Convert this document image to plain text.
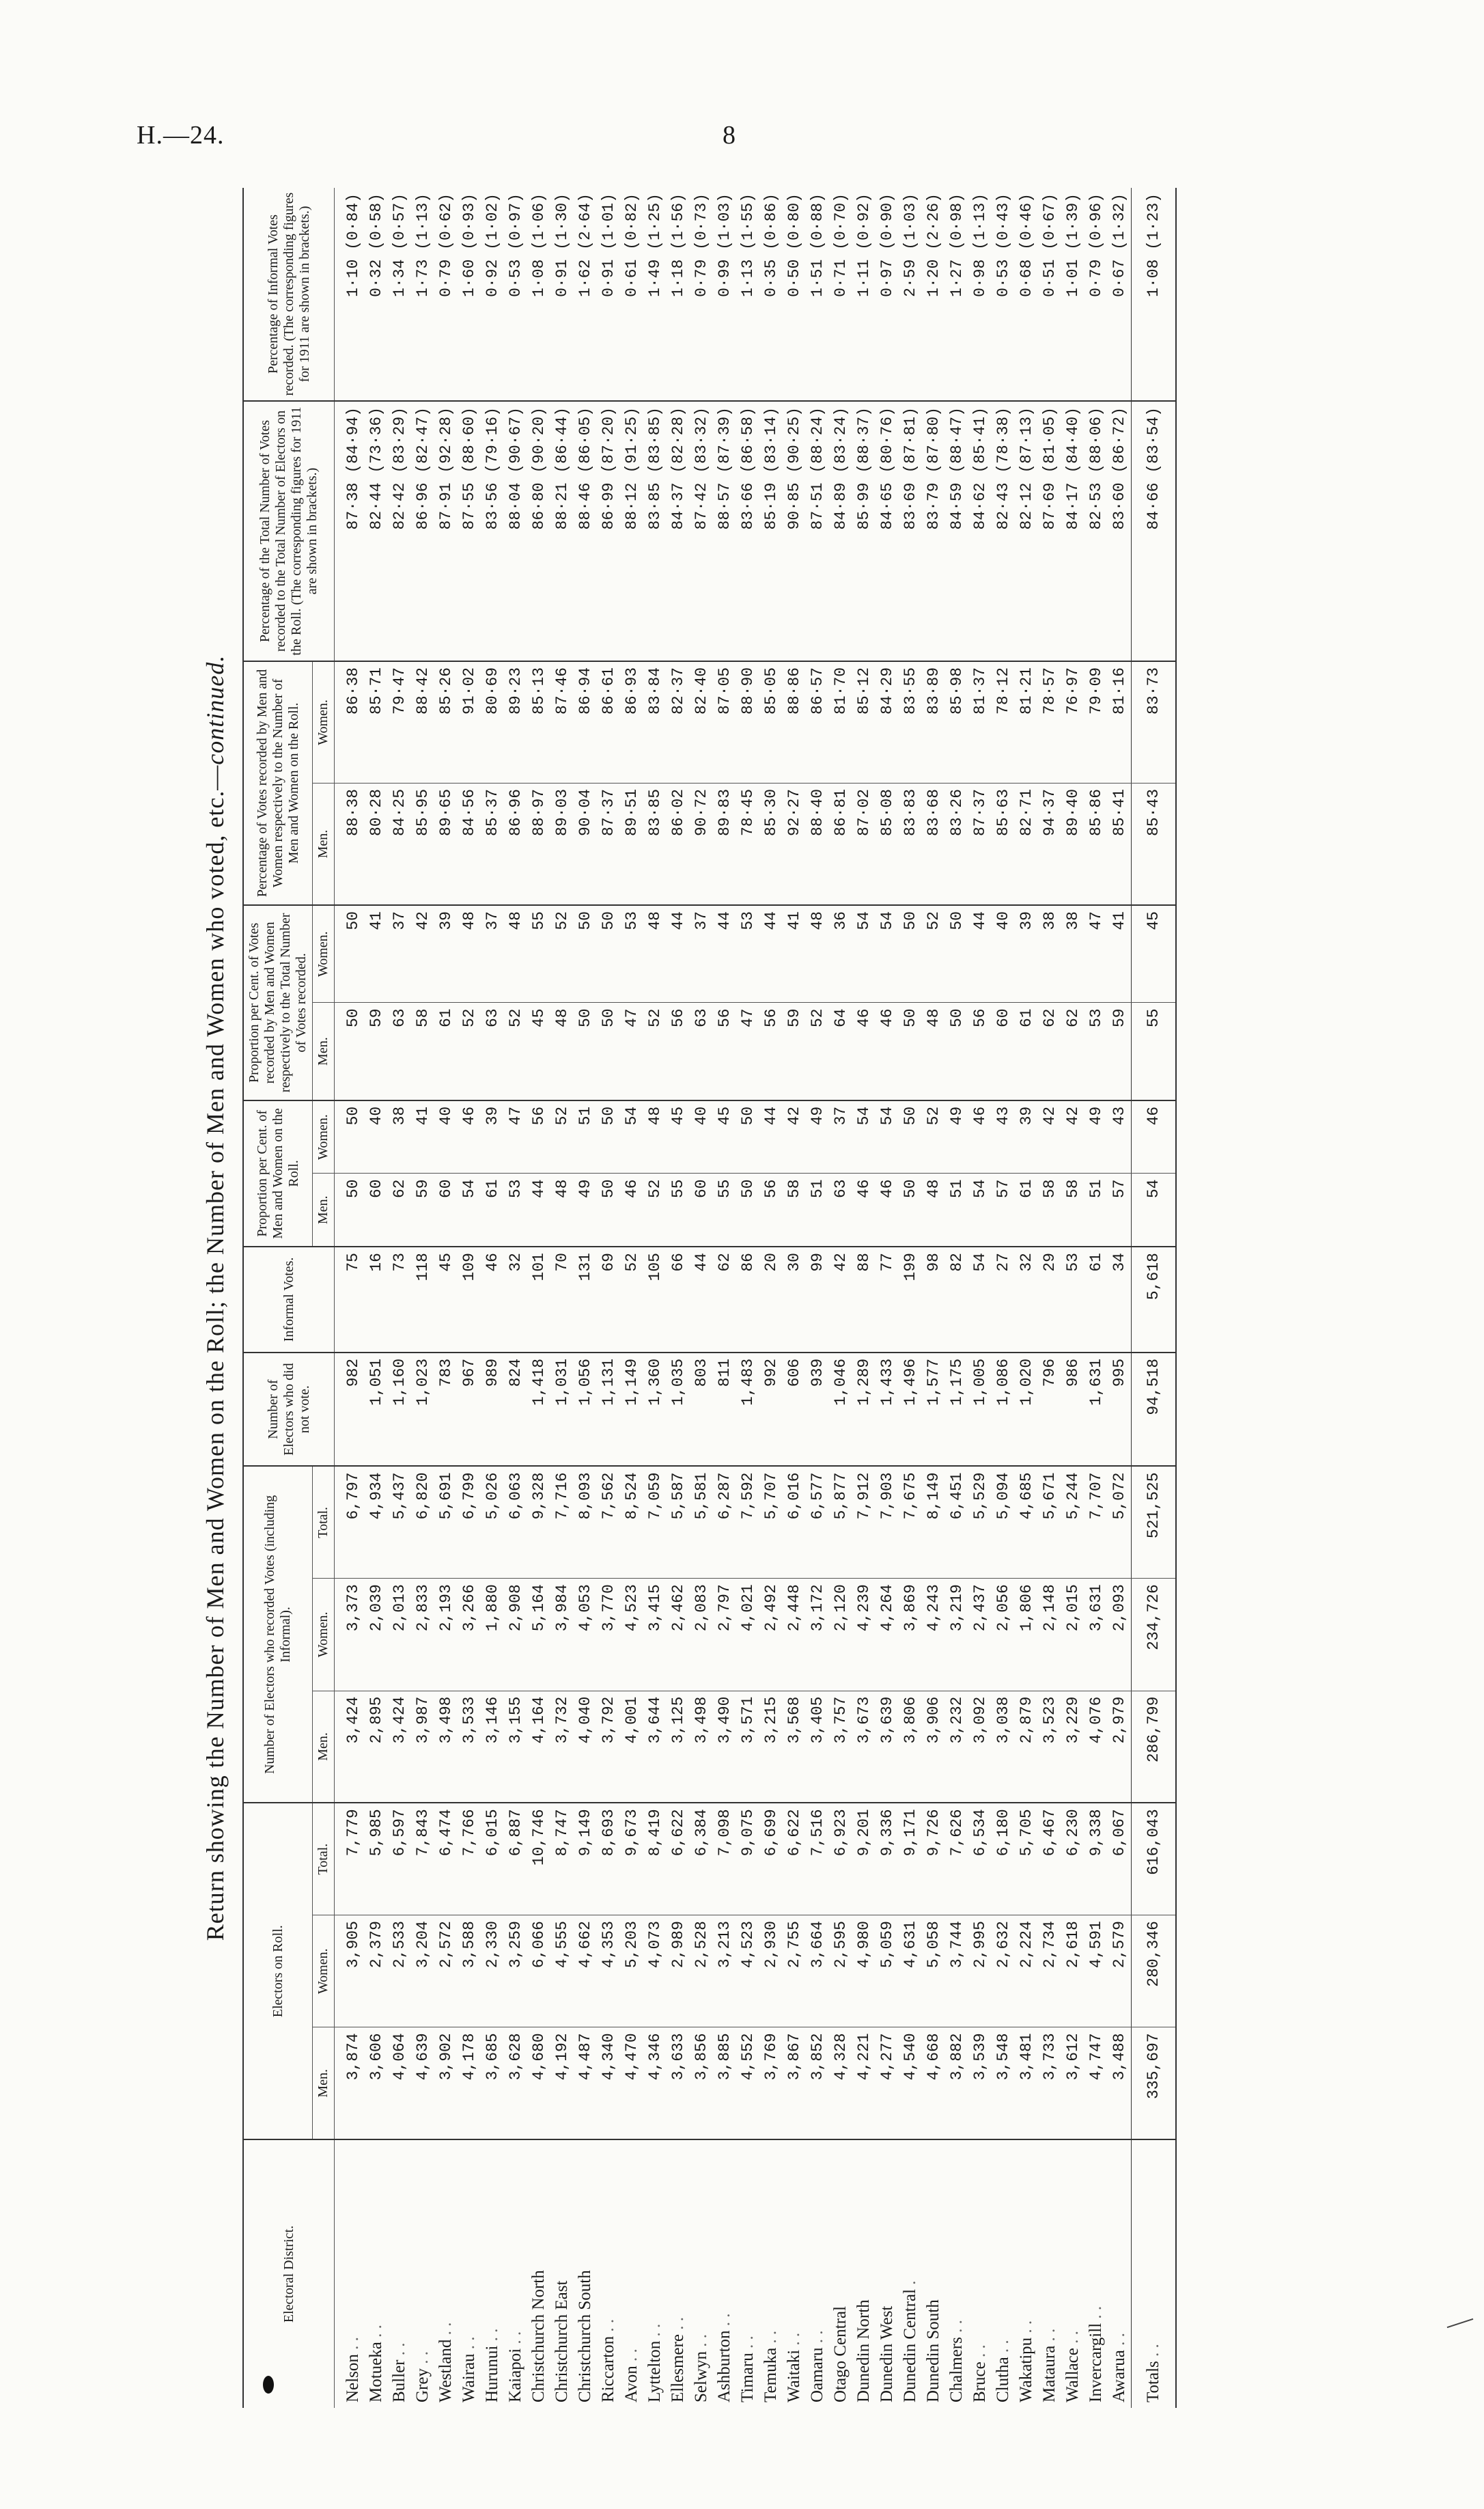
H.—24.	8
Return showing the Number of Men and Women on the Roll; the Number of Men and Women who voted, etc.—continued.
Electoral District.	Electors on Roll.			Number of Electors who recorded Votes (including Informal).			Number of Electors who did not vote.	Informal Votes.	Proportion per Cent. of Men and Women on the Roll.		Proportion per Cent. of Votes recorded by Men and Women respectively to the Total Number of Votes recorded.		Percentage of Votes recorded by Men and Women respectively to the Number of Men and Women on the Roll.		Percentage of the Total Number of Votes recorded to the Total Number of Electors on the Roll. (The corresponding figures for 1911 are shown in brackets.)	Percentage of Informal Votes recorded. (The corresponding figures for 1911 are shown in brackets.)
	Men.	Women.	Total.	Men.	Women.	Total.			Men.	Women.	Men.	Women.	Men.	Women.		
Nelson . .	3,874	3,905	7,779	3,424	3,373	6,797	982	75	50	50	50	50	88·38	86·38	87·38 (84·94)	1·10 (0·84)
Motueka . .	3,606	2,379	5,985	2,895	2,039	4,934	1,051	16	60	40	59	41	80·28	85·71	82·44 (73·36)	0·32 (0·58)
Buller . .	4,064	2,533	6,597	3,424	2,013	5,437	1,160	73	62	38	63	37	84·25	79·47	82·42 (83·29)	1·34 (0·57)
Grey . .	4,639	3,204	7,843	3,987	2,833	6,820	1,023	118	59	41	58	42	85·95	88·42	86·96 (82·47)	1·73 (1·13)
Westland . .	3,902	2,572	6,474	3,498	2,193	5,691	783	45	60	40	61	39	89·65	85·26	87·91 (92·28)	0·79 (0·62)
Wairau . .	4,178	3,588	7,766	3,533	3,266	6,799	967	109	54	46	52	48	84·56	91·02	87·55 (88·60)	1·60 (0·93)
Hurunui . .	3,685	2,330	6,015	3,146	1,880	5,026	989	46	61	39	63	37	85·37	80·69	83·56 (79·16)	0·92 (1·02)
Kaiapoi . .	3,628	3,259	6,887	3,155	2,908	6,063	824	32	53	47	52	48	86·96	89·23	88·04 (90·67)	0·53 (0·97)
Christchurch North	4,680	6,066	10,746	4,164	5,164	9,328	1,418	101	44	56	45	55	88·97	85·13	86·80 (90·20)	1·08 (1·06)
Christchurch East	4,192	4,555	8,747	3,732	3,984	7,716	1,031	70	48	52	48	52	89·03	87·46	88·21 (86·44)	0·91 (1·30)
Christchurch South	4,487	4,662	9,149	4,040	4,053	8,093	1,056	131	49	51	50	50	90·04	86·94	88·46 (86·05)	1·62 (2·64)
Riccarton . .	4,340	4,353	8,693	3,792	3,770	7,562	1,131	69	50	50	50	50	87·37	86·61	86·99 (87·20)	0·91 (1·01)
Avon . .	4,470	5,203	9,673	4,001	4,523	8,524	1,149	52	46	54	47	53	89·51	86·93	88·12 (91·25)	0·61 (0·82)
Lyttelton . .	4,346	4,073	8,419	3,644	3,415	7,059	1,360	105	52	48	52	48	83·85	83·84	83·85 (83·85)	1·49 (1·25)
Ellesmere . .	3,633	2,989	6,622	3,125	2,462	5,587	1,035	66	55	45	56	44	86·02	82·37	84·37 (82·28)	1·18 (1·56)
Selwyn . .	3,856	2,528	6,384	3,498	2,083	5,581	803	44	60	40	63	37	90·72	82·40	87·42 (83·32)	0·79 (0·73)
Ashburton . .	3,885	3,213	7,098	3,490	2,797	6,287	811	62	55	45	56	44	89·83	87·05	88·57 (87·39)	0·99 (1·03)
Timaru . .	4,552	4,523	9,075	3,571	4,021	7,592	1,483	86	50	50	47	53	78·45	88·90	83·66 (86·58)	1·13 (1·55)
Temuka . .	3,769	2,930	6,699	3,215	2,492	5,707	992	20	56	44	56	44	85·30	85·05	85·19 (83·14)	0·35 (0·86)
Waitaki . .	3,867	2,755	6,622	3,568	2,448	6,016	606	30	58	42	59	41	92·27	88·86	90·85 (90·25)	0·50 (0·80)
Oamaru . .	3,852	3,664	7,516	3,405	3,172	6,577	939	99	51	49	52	48	88·40	86·57	87·51 (88·24)	1·51 (0·88)
Otago Central	4,328	2,595	6,923	3,757	2,120	5,877	1,046	42	63	37	64	36	86·81	81·70	84·89 (83·24)	0·71 (0·70)
Dunedin North	4,221	4,980	9,201	3,673	4,239	7,912	1,289	88	46	54	46	54	87·02	85·12	85·99 (88·37)	1·11 (0·92)
Dunedin West	4,277	5,059	9,336	3,639	4,264	7,903	1,433	77	46	54	46	54	85·08	84·29	84·65 (80·76)	0·97 (0·90)
Dunedin Central .	4,540	4,631	9,171	3,806	3,869	7,675	1,496	199	50	50	50	50	83·83	83·55	83·69 (87·81)	2·59 (1·03)
Dunedin South	4,668	5,058	9,726	3,906	4,243	8,149	1,577	98	48	52	48	52	83·68	83·89	83·79 (87·80)	1·20 (2·26)
Chalmers . .	3,882	3,744	7,626	3,232	3,219	6,451	1,175	82	51	49	50	50	83·26	85·98	84·59 (88·47)	1·27 (0·98)
Bruce . .	3,539	2,995	6,534	3,092	2,437	5,529	1,005	54	54	46	56	44	87·37	81·37	84·62 (85·41)	0·98 (1·13)
Clutha . .	3,548	2,632	6,180	3,038	2,056	5,094	1,086	27	57	43	60	40	85·63	78·12	82·43 (78·38)	0·53 (0·43)
Wakatipu . .	3,481	2,224	5,705	2,879	1,806	4,685	1,020	32	61	39	61	39	82·71	81·21	82·12 (87·13)	0·68 (0·46)
Mataura . .	3,733	2,734	6,467	3,523	2,148	5,671	796	29	58	42	62	38	94·37	78·57	87·69 (81·05)	0·51 (0·67)
Wallace . .	3,612	2,618	6,230	3,229	2,015	5,244	986	53	58	42	62	38	89·40	76·97	84·17 (84·40)	1·01 (1·39)
Invercargill . .	4,747	4,591	9,338	4,076	3,631	7,707	1,631	61	51	49	53	47	85·86	79·09	82·53 (88·06)	0·79 (0·96)
Awarua . .	3,488	2,579	6,067	2,979	2,093	5,072	995	34	57	43	59	41	85·41	81·16	83·60 (86·72)	0·67 (1·32)
Totals . .	335,697	280,346	616,043	286,799	234,726	521,525	94,518	5,618	54	46	55	45	85·43	83·73	84·66 (83·54)	1·08 (1·23)
